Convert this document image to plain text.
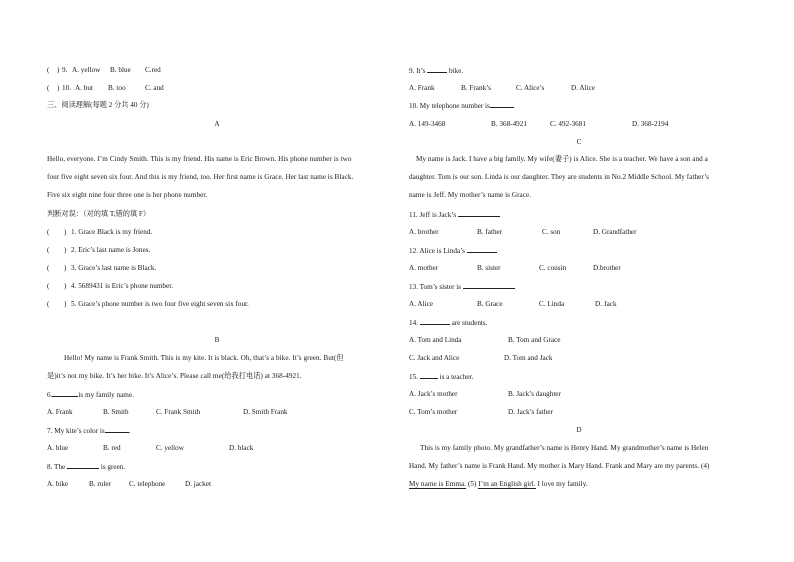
( ) 9. A. yellow B. blue C.red
( ) 10. A. but B. too	C. and
三、阅读理解(每题 2 分共 40 分)
A
Hello, everyone. I’m Cindy Smith. This is my friend. His name is Eric Brown. His phone number is two
four five eight seven six four. And this is my friend, too. Her first name is Grace. Her last name is Black.
Five six eight nine four three one is her phone number.
判断对误：（对的填 T,错的填 F）
( ) 1. Grace Black is my friend.
( ) 2. Eric’s last name is Jones.
( ) 3. Grace’s last name is Black.
( ) 4. 5689431 is Eric’s phone number.
( ) 5. Grace’s phone number is two four five eight seven six four.
B
Hello! My name is Frank Smith. This is my kite. It is black. Oh, that’s a bike. It’s green. But(但
是)it’s not my bike. It’s her bike. It’s Alice’s. Please call me(给我打电话) at 368-4921.
6.	is my family name.
A. Frank	B. Smith	C. Frank Smith	D. Smith Frank
7. My kite’s color is	.
A. blue	B. red	C. yellow	D. black
8. The	is green.
A. bike	B. ruler	C. telephone	D. jacket
9. It’s	bike.
A. Frank	B. Frank’s	C. Alice’s	D. Alice
10. My telephone number is
A. 149-3468	B. 368-4921	C. 492-3681	D. 368-2194
C
My name is Jack. I have a big family. My wife(妻子) is Alice. She is a teacher. We have a son and a
daughter. Tom is our son. Linda is our daughter. They are students in No.2 Middle School. My father’s
name is Jeff. My mother’s name is Grace.
11. Jeff is Jack’s
A. brother	B. father	C. son	D. Grandfather
12. Alice is Linda’s
A. mother	B. sister	C. cousin	D.brother
13. Tom’s sister is
A. Alice	B. Grace	C. Linda	D. Jack
14.	are students.
A. Tom and Linda	B. Tom and Grace
C. Jack and Alice	D. Tom and Jack
15.	is a teacher.
A. Jack’s mother	B. Jack’s daughter
C. Tom’s mother	D. Jack’s father
D
This is my family photo. My grandfather’s name is Henry Hand. My grandmother’s name is Helen
Hand. My father’s name is Frank Hand. My mother is Mary Hand. Frank and Mary are my parents. (4)
My name is Emma. (5) I’m an English girl. I love my family.
